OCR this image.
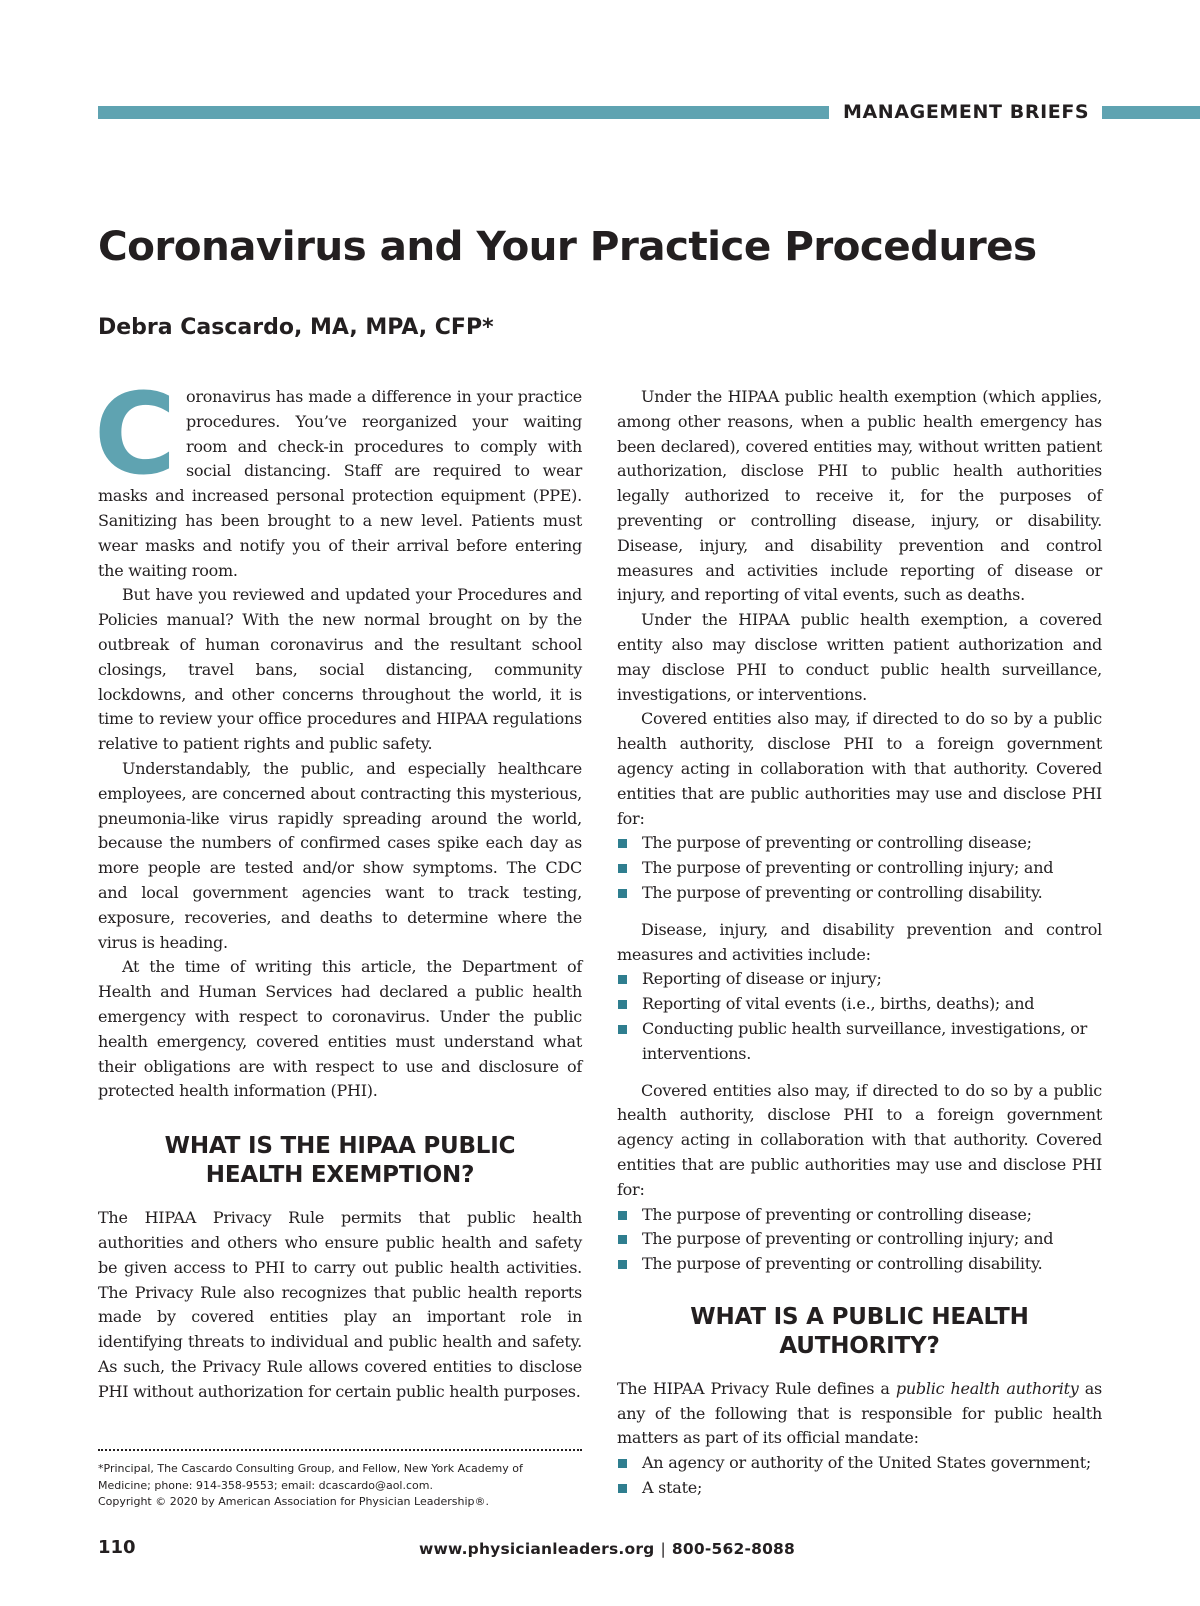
MANAGEMENT BRIEFS
Coronavirus and Your Practice Procedures
Debra Cascardo, MA, MPA, CFP*

Coronavirus has made a difference in your practice procedures. You’ve reorganized your waiting room and check-in procedures to comply with social distancing. Staff are required to wear masks and increased personal protection equipment (PPE). Sanitizing has been brought to a new level. Patients must wear masks and notify you of their arrival before entering the waiting room.

But have you reviewed and updated your Procedures and Policies manual? With the new normal brought on by the outbreak of human coronavirus and the resultant school closings, travel bans, social distancing, community lockdowns, and other concerns throughout the world, it is time to review your office procedures and HIPAA regulations relative to patient rights and public safety.

Understandably, the public, and especially healthcare employees, are concerned about contracting this mysterious, pneumonia-like virus rapidly spreading around the world, because the numbers of confirmed cases spike each day as more people are tested and/or show symptoms. The CDC and local government agencies want to track testing, exposure, recoveries, and deaths to determine where the virus is heading.

At the time of writing this article, the Department of Health and Human Services had declared a public health emergency with respect to coronavirus. Under the public health emergency, covered entities must understand what their obligations are with respect to use and disclosure of protected health information (PHI).

WHAT IS THE HIPAA PUBLIC
HEALTH EXEMPTION?

The HIPAA Privacy Rule permits that public health authorities and others who ensure public health and safety be given access to PHI to carry out public health activities. The Privacy Rule also recognizes that public health reports made by covered entities play an important role in identifying threats to individual and public health and safety. As such, the Privacy Rule allows covered entities to disclose PHI without authorization for certain public health purposes.

Under the HIPAA public health exemption (which applies, among other reasons, when a public health emergency has been declared), covered entities may, without written patient authorization, disclose PHI to public health authorities legally authorized to receive it, for the purposes of preventing or controlling disease, injury, or disability. Disease, injury, and disability prevention and control measures and activities include reporting of disease or injury, and reporting of vital events, such as deaths.

Under the HIPAA public health exemption, a covered entity also may disclose written patient authorization and may disclose PHI to conduct public health surveillance, investigations, or interventions.

Covered entities also may, if directed to do so by a public health authority, disclose PHI to a foreign government agency acting in collaboration with that authority. Covered entities that are public authorities may use and disclose PHI for:

The purpose of preventing or controlling disease;
The purpose of preventing or controlling injury; and
The purpose of preventing or controlling disability.

Disease, injury, and disability prevention and control measures and activities include:

Reporting of disease or injury;
Reporting of vital events (i.e., births, deaths); and
Conducting public health surveillance, investigations, or interventions.

Covered entities also may, if directed to do so by a public health authority, disclose PHI to a foreign government agency acting in collaboration with that authority. Covered entities that are public authorities may use and disclose PHI for:

The purpose of preventing or controlling disease;
The purpose of preventing or controlling injury; and
The purpose of preventing or controlling disability.
WHAT IS A PUBLIC HEALTH
AUTHORITY?

The HIPAA Privacy Rule defines a public health authority as any of the following that is responsible for public health matters as part of its official mandate:

An agency or authority of the United States government;
A state;
*Principal, The Cascardo Consulting Group, and Fellow, New York Academy of Medicine; phone: 914-358-9553; email: dcascardo@aol.com.
Copyright © 2020 by American Association for Physician Leadership®.
110	www.physicianleaders.org | 800-562-8088
